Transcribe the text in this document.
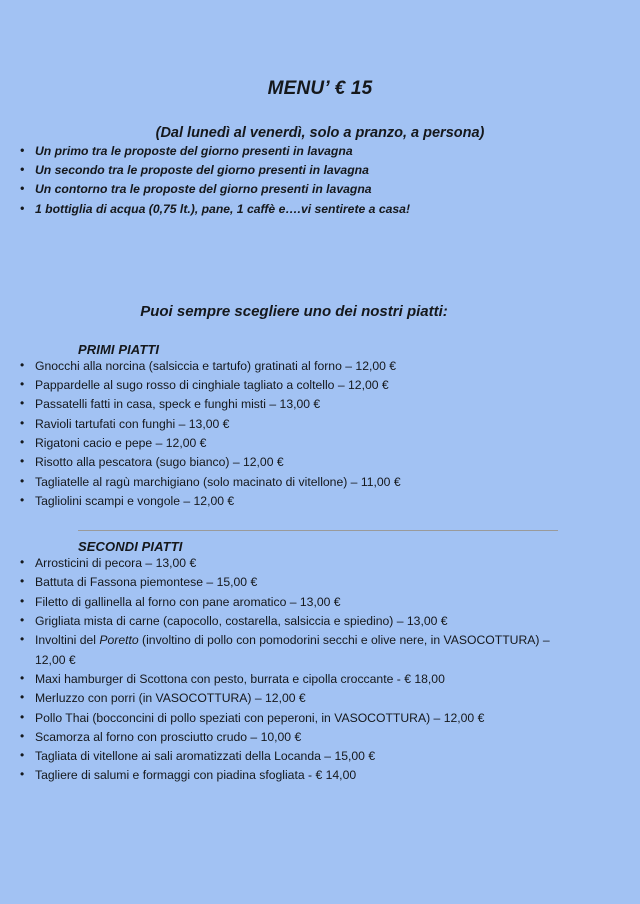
MENU’ € 15
(Dal lunedì al venerdì, solo a pranzo, a persona)
• Un primo tra le proposte del giorno presenti in lavagna
• Un secondo tra le proposte del giorno presenti in lavagna
• Un contorno tra le proposte del giorno presenti in lavagna
• 1 bottiglia di acqua (0,75 lt.), pane, 1 caffè e….vi sentirete a casa!

Puoi sempre scegliere uno dei nostri piatti:

PRIMI PIATTI
• Gnocchi alla norcina (salsiccia e tartufo) gratinati al forno – 12,00 €
• Pappardelle al sugo rosso di cinghiale tagliato a coltello – 12,00 €
• Passatelli fatti in casa, speck e funghi misti – 13,00 €
• Ravioli tartufati con funghi – 13,00 €
• Rigatoni cacio e pepe – 12,00 €
• Risotto alla pescatora (sugo bianco) – 12,00 €
• Tagliatelle al ragù marchigiano (solo macinato di vitellone) – 11,00 €
• Tagliolini scampi e vongole – 12,00 €
SECONDI PIATTI
• Arrosticini di pecora – 13,00 €
• Battuta di Fassona piemontese – 15,00 €
• Filetto di gallinella al forno con pane aromatico – 13,00 €
• Grigliata mista di carne (capocollo, costarella, salsiccia e spiedino) – 13,00 €
• Involtini del Poretto (involtino di pollo con pomodorini secchi e olive nere, in VASOCOTTURA) – 12,00 €
• Maxi hamburger di Scottona con pesto, burrata e cipolla croccante - € 18,00
• Merluzzo con porri (in VASOCOTTURA) – 12,00 €
• Pollo Thai (bocconcini di pollo speziati con peperoni, in VASOCOTTURA) – 12,00 €
• Scamorza al forno con prosciutto crudo – 10,00 €
• Tagliata di vitellone ai sali aromatizzati della Locanda – 15,00 €
• Tagliere di salumi e formaggi con piadina sfogliata - € 14,00
